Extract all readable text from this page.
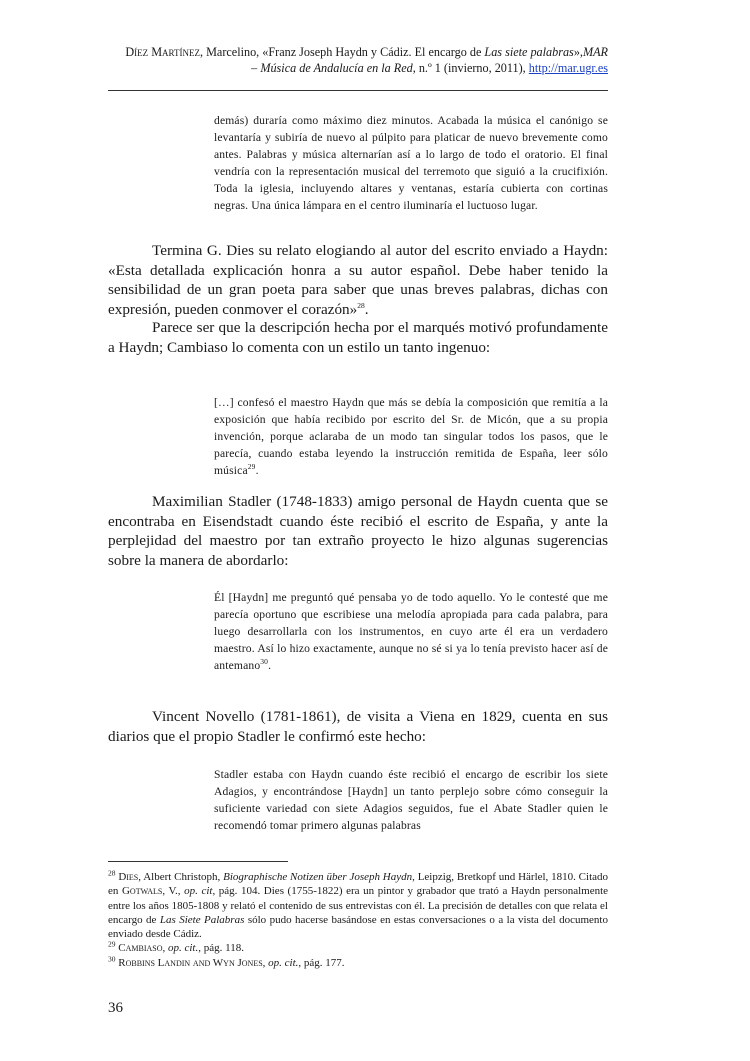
Díez Martínez, Marcelino, «Franz Joseph Haydn y Cádiz. El encargo de Las siete palabras»,MAR
– Música de Andalucía en la Red, n.º 1 (invierno, 2011), http://mar.ugr.es
demás) duraría como máximo diez minutos. Acabada la música el canónigo se levantaría y subiría de nuevo al púlpito para platicar de nuevo brevemente como antes. Palabras y música alternarían así a lo largo de todo el oratorio. El final vendría con la representación musical del terremoto que siguió a la crucifixión. Toda la iglesia, incluyendo altares y ventanas, estaría cubierta con cortinas negras. Una única lámpara en el centro iluminaría el luctuoso lugar.
Termina G. Dies su relato elogiando al autor del escrito enviado a Haydn: «Esta detallada explicación honra a su autor español. Debe haber tenido la sensibilidad de un gran poeta para saber que unas breves palabras, dichas con expresión, pueden conmover el corazón»$^{28}$.
Parece ser que la descripción hecha por el marqués motivó profundamente a Haydn; Cambiaso lo comenta con un estilo un tanto ingenuo:
[…] confesó el maestro Haydn que más se debía la composición que remitía a la exposición que había recibido por escrito del Sr. de Micón, que a su propia invención, porque aclaraba de un modo tan singular todos los pasos, que le parecía, cuando estaba leyendo la instrucción remitida de España, leer sólo música$^{29}$.
Maximilian Stadler (1748-1833) amigo personal de Haydn cuenta que se encontraba en Eisendstadt cuando éste recibió el escrito de España, y ante la perplejidad del maestro por tan extraño proyecto le hizo algunas sugerencias sobre la manera de abordarlo:
Él [Haydn] me preguntó qué pensaba yo de todo aquello. Yo le contesté que me parecía oportuno que escribiese una melodía apropiada para cada palabra, para luego desarrollarla con los instrumentos, en cuyo arte él era un verdadero maestro. Así lo hizo exactamente, aunque no sé si ya lo tenía previsto hacer así de antemano$^{30}$.
Vincent Novello (1781-1861), de visita a Viena en 1829, cuenta en sus diarios que el propio Stadler le confirmó este hecho:
Stadler estaba con Haydn cuando éste recibió el encargo de escribir los siete Adagios, y encontrándose [Haydn] un tanto perplejo sobre cómo conseguir la suficiente variedad con siete Adagios seguidos, fue el Abate Stadler quien le recomendó tomar primero algunas palabras

$^{28}$ Dies, Albert Christoph, Biographische Notizen über Joseph Haydn, Leipzig, Bretkopf und Härlel, 1810. Citado en Gotwals, V., op. cit, pág. 104. Dies (1755-1822) era un pintor y grabador que trató a Haydn personalmente entre los años 1805-1808 y relató el contenido de sus entrevistas con él. La precisión de detalles con que relata el encargo de Las Siete Palabras sólo pudo hacerse basándose en estas conversaciones o a la vista del documento enviado desde Cádiz.

$^{29}$ Cambiaso, op. cit., pág. 118.

$^{30}$ Robbins Landin and Wyn Jones, op. cit., pág. 177.

36
